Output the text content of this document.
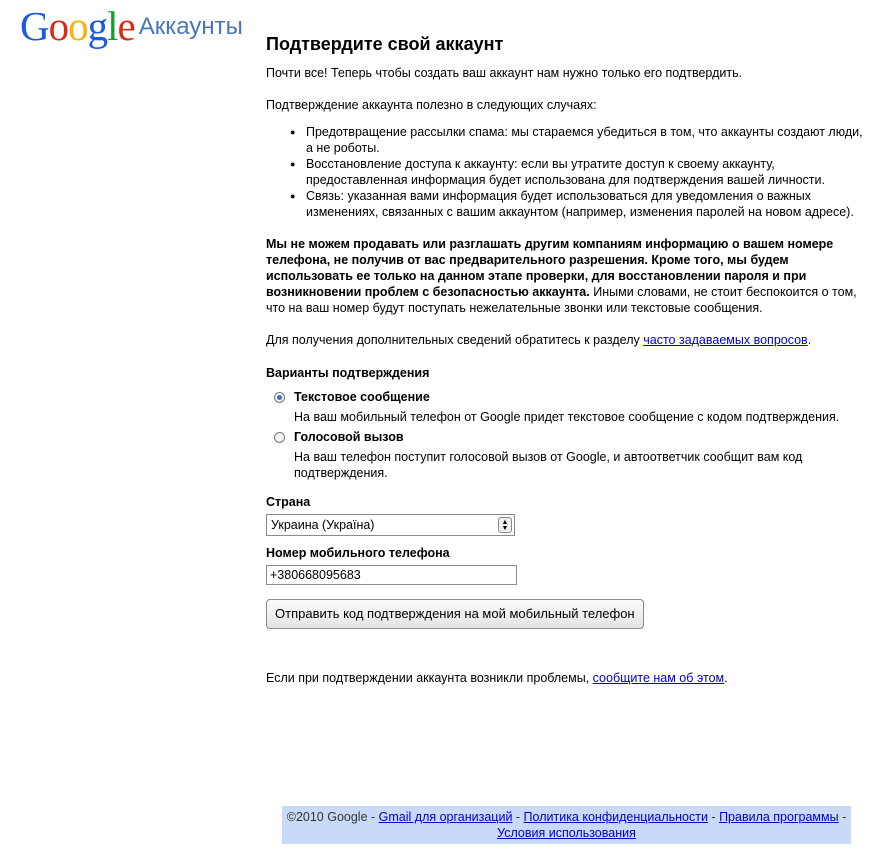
Google Аккаунты
Подтвердите свой аккаунт

Почти все! Теперь чтобы создать ваш аккаунт нам нужно только его подтвердить.

Подтверждение аккаунта полезно в следующих случаях:

● Предотвращение рассылки спама: мы стараемся убедиться в том, что аккаунты создают люди, а не роботы.
● Восстановление доступа к аккаунту: если вы утратите доступ к своему аккаунту, предоставленная информация будет использована для подтверждения вашей личности.
● Связь: указанная вами информация будет использоваться для уведомления о важных изменениях, связанных с вашим аккаунтом (например, изменения паролей на новом адресе).

Мы не можем продавать или разглашать другим компаниям информацию о вашем номере телефона, не получив от вас предварительного разрешения. Кроме того, мы будем использовать ее только на данном этапе проверки, для восстановлении пароля и при возникновении проблем с безопасностью аккаунта. Иными словами, не стоит беспокоится о том, что на ваш номер будут поступать нежелательные звонки или текстовые сообщения.

Для получения дополнительных сведений обратитесь к разделу часто задаваемых вопросов.

Варианты подтверждения
Текстовое сообщение
На ваш мобильный телефон от Google придет текстовое сообщение с кодом подтверждения.
Голосовой вызов
На ваш телефон поступит голосовой вызов от Google, и автоответчик сообщит вам код подтверждения.
Страна
Украина (Україна)	▲
▼
Номер мобильного телефона
+380668095683
Отправить код подтверждения на мой мобильный телефон

Если при подтверждении аккаунта возникли проблемы, сообщите нам об этом.

©2010 Google - Gmail для организаций - Политика конфиденциальности - Правила программы - Условия использования
